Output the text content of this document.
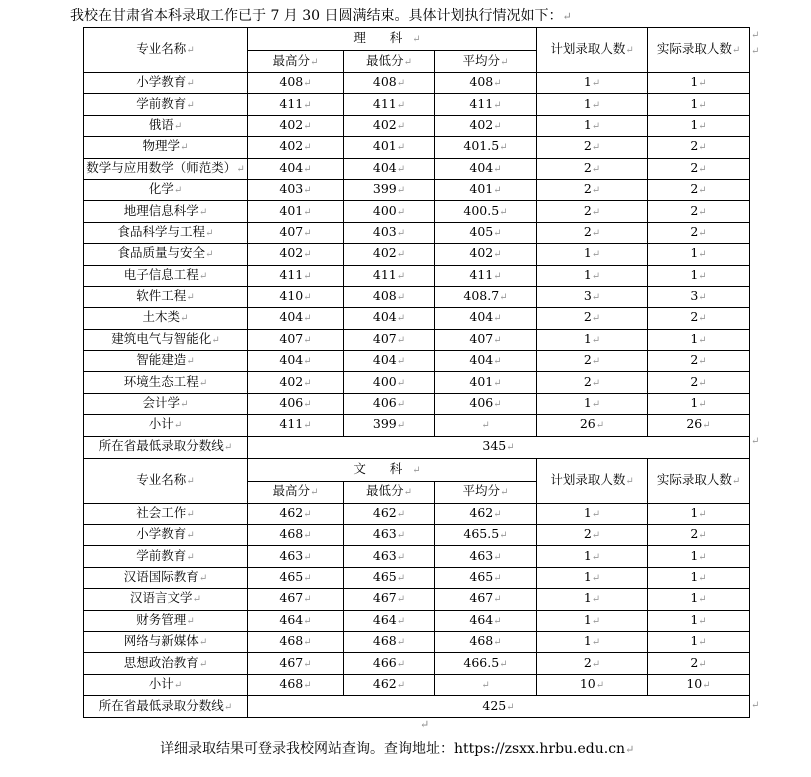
我校在甘肃省本科录取工作已于 7 月 30 日圆满结束。具体计划执行情况如下：↵
专业名称↵	理 科↵			计划录取人数↵	实际录取人数↵
	最高分↵	最低分↵	平均分↵		
小学教育↵	408↵	408↵	408↵	1↵	1↵
学前教育↵	411↵	411↵	411↵	1↵	1↵
俄语↵	402↵	402↵	402↵	1↵	1↵
物理学↵	402↵	401↵	401.5↵	2↵	2↵
数学与应用数学（师范类）↵	404↵	404↵	404↵	2↵	2↵
化学↵	403↵	399↵	401↵	2↵	2↵
地理信息科学↵	401↵	400↵	400.5↵	2↵	2↵
食品科学与工程↵	407↵	403↵	405↵	2↵	2↵
食品质量与安全↵	402↵	402↵	402↵	1↵	1↵
电子信息工程↵	411↵	411↵	411↵	1↵	1↵
软件工程↵	410↵	408↵	408.7↵	3↵	3↵
土木类↵	404↵	404↵	404↵	2↵	2↵
建筑电气与智能化↵	407↵	407↵	407↵	1↵	1↵
智能建造↵	404↵	404↵	404↵	2↵	2↵
环境生态工程↵	402↵	400↵	401↵	2↵	2↵
会计学↵	406↵	406↵	406↵	1↵	1↵
小计↵	411↵	399↵	↵	26↵	26↵
所在省最低录取分数线↵	345↵				
专业名称↵	文 科↵			计划录取人数↵	实际录取人数↵
	最高分↵	最低分↵	平均分↵		
社会工作↵	462↵	462↵	462↵	1↵	1↵
小学教育↵	468↵	463↵	465.5↵	2↵	2↵
学前教育↵	463↵	463↵	463↵	1↵	1↵
汉语国际教育↵	465↵	465↵	465↵	1↵	1↵
汉语言文学↵	467↵	467↵	467↵	1↵	1↵
财务管理↵	464↵	464↵	464↵	1↵	1↵
网络与新媒体↵	468↵	468↵	468↵	1↵	1↵
思想政治教育↵	467↵	466↵	466.5↵	2↵	2↵
小计↵	468↵	462↵	↵	10↵	10↵
所在省最低录取分数线↵	425↵				
↵
↵
↵
↵
↵
详细录取结果可登录我校网站查询。查询地址：https://zsxx.hrbu.edu.cn↵
